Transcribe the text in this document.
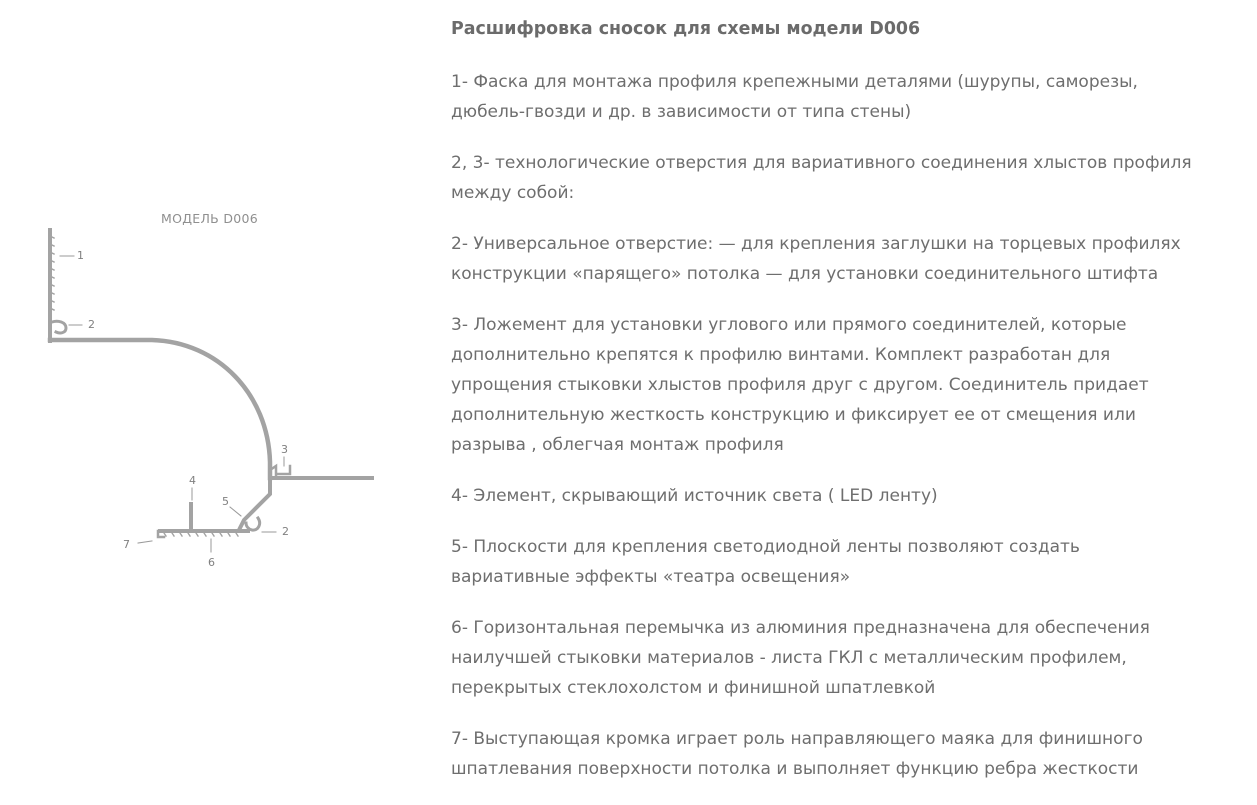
МОДЕЛЬ D006
1
2
3
4
5
2
7
6
Расшифровка сносок для схемы модели D006
1- Фаска для монтажа профиля крепежными деталями (шурупы, саморезы,
дюбель-гвозди и др. в зависимости от типа стены)
2, 3- технологические отверстия для вариативного соединения хлыстов профиля
между собой:
2- Универсальное отверстие: — для крепления заглушки на торцевых профилях
конструкции «парящего» потолка — для установки соединительного штифта
3- Ложемент для установки углового или прямого соединителей, которые
дополнительно крепятся к профилю винтами. Комплект разработан для
упрощения стыковки хлыстов профиля друг с другом. Соединитель придает
дополнительную жесткость конструкцию и фиксирует ее от смещения или
разрыва , облегчая монтаж профиля
4- Элемент, скрывающий источник света ( LED ленту)
5- Плоскости для крепления светодиодной ленты позволяют создать
вариативные эффекты «театра освещения»
6- Горизонтальная перемычка из алюминия предназначена для обеспечения
наилучшей стыковки материалов - листа ГКЛ с металлическим профилем,
перекрытых стеклохолстом и финишной шпатлевкой
7- Выступающая кромка играет роль направляющего маяка для финишного
шпатлевания поверхности потолка и выполняет функцию ребра жесткости
